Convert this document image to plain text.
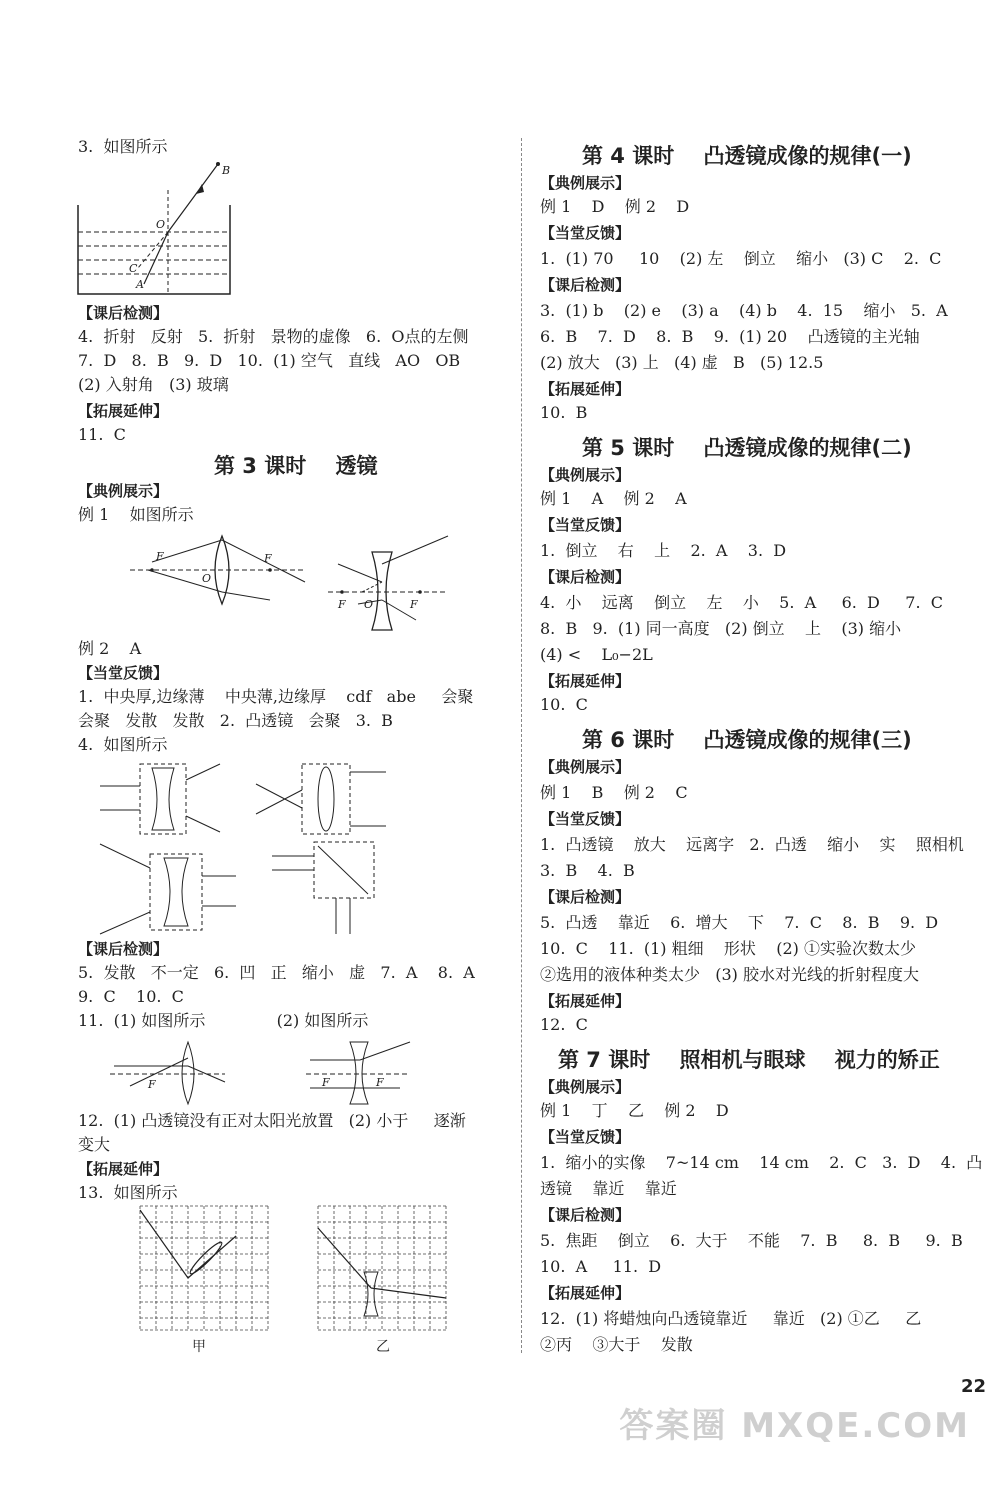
3.  如图所示
B
O
C
A
【课后检测】
4.  折射   反射   5.  折射   景物的虚像   6.  O点的左侧
7.  D   8.  B   9.  D   10.  (1) 空气   直线   AO   OB
(2) 入射角   (3) 玻璃
【拓展延伸】
11.  C
第 3 课时    透镜
【典例展示】
例 1    如图所示
F	F
O
F O	F
例 2    A
【当堂反馈】
1.  中央厚,边缘薄    中央薄,边缘厚    cdf   abe     会聚
会聚   发散   发散   2.  凸透镜   会聚   3.  B
4.  如图所示
【课后检测】
5.  发散   不一定   6.  凹   正   缩小   虚   7.  A    8.  A
9.  C    10.  C
11.  (1) 如图所示              (2) 如图所示
F	F	F
12.  (1) 凸透镜没有正对太阳光放置   (2) 小于     逐渐
变大
【拓展延伸】
13.  如图所示
甲	乙
第 4 课时    凸透镜成像的规律(一)
【典例展示】
例 1    D    例 2    D
【当堂反馈】
1.  (1) 70     10    (2) 左    倒立    缩小   (3) C    2.  C
【课后检测】
3.  (1) b    (2) e    (3) a    (4) b    4.  15    缩小   5.  A
6.  B    7.  D    8.  B    9.  (1) 20    凸透镜的主光轴
(2) 放大   (3) 上   (4) 虚   B   (5) 12.5
【拓展延伸】
10.  B
第 5 课时    凸透镜成像的规律(二)
【典例展示】
例 1    A    例 2    A
【当堂反馈】
1.  倒立    右    上    2.  A    3.  D
【课后检测】
4.  小    远离    倒立    左    小    5.  A     6.  D     7.  C
8.  B   9.  (1) 同一高度   (2) 倒立    上    (3) 缩小
(4) <    L₀−2L
【拓展延伸】
10.  C
第 6 课时    凸透镜成像的规律(三)
【典例展示】
例 1    B    例 2    C
【当堂反馈】
1.  凸透镜    放大    远离字   2.  凸透    缩小    实    照相机
3.  B    4.  B
【课后检测】
5.  凸透    靠近    6.  增大    下    7.  C    8.  B    9.  D
10.  C    11.  (1) 粗细    形状    (2) ①实验次数太少
②选用的液体种类太少   (3) 胶水对光线的折射程度大
【拓展延伸】
12.  C
第 7 课时    照相机与眼球    视力的矫正
【典例展示】
例 1    丁    乙    例 2    D
【当堂反馈】
1.  缩小的实像    7~14 cm    14 cm    2.  C   3.  D    4.  凸
透镜    靠近    靠近
【课后检测】
5.  焦距    倒立    6.  大于    不能    7.  B     8.  B     9.  B
10.  A     11.  D
【拓展延伸】
12.  (1) 将蜡烛向凸透镜靠近     靠近   (2) ①乙     乙
②丙    ③大于    发散
22
答案圈 MXQE.COM
